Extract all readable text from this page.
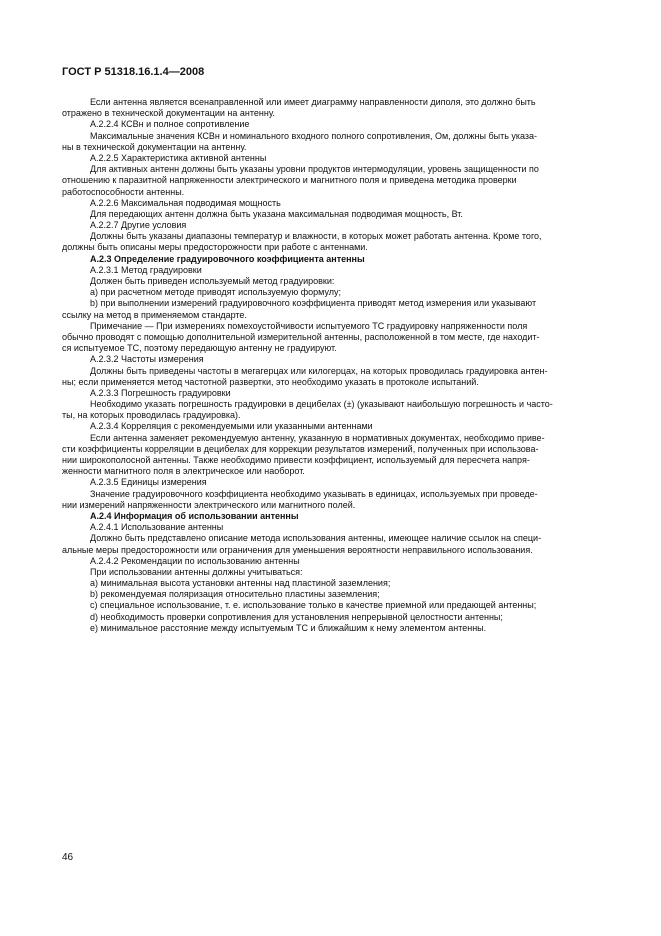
ГОСТ Р 51318.16.1.4—2008
Если антенна является всенаправленной или имеет диаграмму направленности диполя, это должно быть
отражено в технической документации на антенну.
А.2.2.4 КСВн и полное сопротивление
Максимальные значения КСВн и номинального входного полного сопротивления, Ом, должны быть указа-
ны в технической документации на антенну.
А.2.2.5 Характеристика активной антенны
Для активных антенн должны быть указаны уровни продуктов интермодуляции, уровень защищенности по
отношению к паразитной напряженности электрического и магнитного поля и приведена методика проверки
работоспособности антенны.
А.2.2.6 Максимальная подводимая мощность
Для передающих антенн должна быть указана максимальная подводимая мощность, Вт.
А.2.2.7 Другие условия
Должны быть указаны диапазоны температур и влажности, в которых может работать антенна. Кроме того,
должны быть описаны меры предосторожности при работе с антеннами.
А.2.3 Определение градуировочного коэффициента антенны
А.2.3.1 Метод градуировки
Должен быть приведен используемый метод градуировки:
а) при расчетном методе приводят используемую формулу;
b) при выполнении измерений градуировочного коэффициента приводят метод измерения или указывают
ссылку на метод в применяемом стандарте.
Примечание — При измерениях помехоустойчивости испытуемого ТС градуировку напряженности поля
обычно проводят с помощью дополнительной измерительной антенны, расположенной в том месте, где находит-
ся испытуемое ТС, поэтому передающую антенну не градуируют.
А.2.3.2 Частоты измерения
Должны быть приведены частоты в мегагерцах или килогерцах, на которых проводилась градуировка антен-
ны; если применяется метод частотной развертки, это необходимо указать в протоколе испытаний.
А.2.3.3 Погрешность градуировки
Необходимо указать погрешность градуировки в децибелах (±) (указывают наибольшую погрешность и часто-
ты, на которых проводилась градуировка).
А.2.3.4 Корреляция с рекомендуемыми или указанными антеннами
Если антенна заменяет рекомендуемую антенну, указанную в нормативных документах, необходимо приве-
сти коэффициенты корреляции в децибелах для коррекции результатов измерений, полученных при использова-
нии широкополосной антенны. Также необходимо привести коэффициент, используемый для пересчета напря-
женности магнитного поля в электрическое или наоборот.
А.2.3.5 Единицы измерения
Значение градуировочного коэффициента необходимо указывать в единицах, используемых при проведе-
нии измерений напряженности электрического или магнитного полей.
А.2.4 Информация об использовании антенны
А.2.4.1 Использование антенны
Должно быть представлено описание метода использования антенны, имеющее наличие ссылок на специ-
альные меры предосторожности или ограничения для уменьшения вероятности неправильного использования.
А.2.4.2 Рекомендации по использованию антенны
При использовании антенны должны учитываться:
а) минимальная высота установки антенны над пластиной заземления;
b) рекомендуемая поляризация относительно пластины заземления;
с) специальное использование, т. е. использование только в качестве приемной или предающей антенны;
d) необходимость проверки сопротивления для установления непрерывной целостности антенны;
е) минимальное расстояние между испытуемым ТС и ближайшим к нему элементом антенны.
46
